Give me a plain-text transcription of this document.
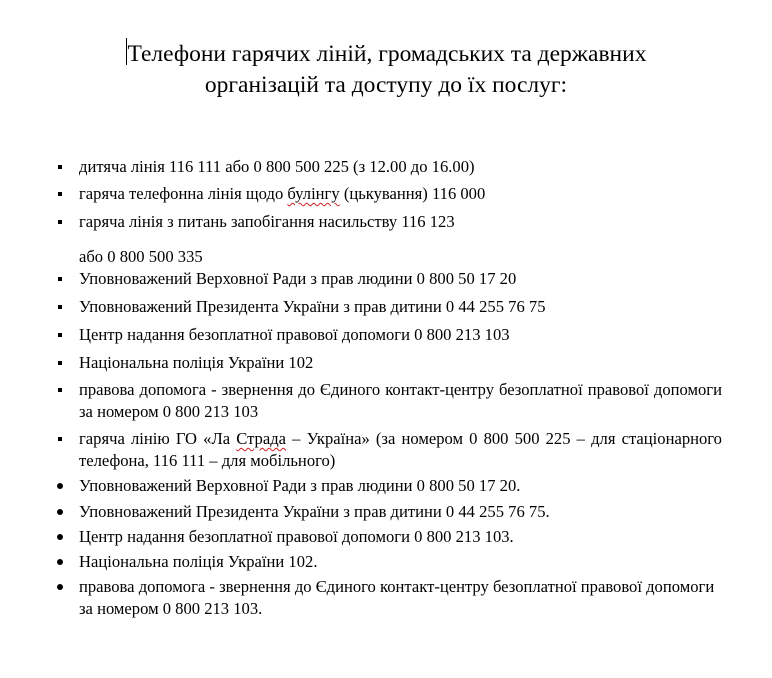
Телефони гарячих ліній, громадських та державних
організацій та доступу до їх послуг:
дитяча лінія 116 111 або 0 800 500 225 (з 12.00 до 16.00)
гаряча телефонна лінія щодо булінгу (цькування) 116 000
гаряча лінія з питань запобігання насильству 116 123
або 0 800 500 335
Уповноважений Верховної Ради з прав людини 0 800 50 17 20
Уповноважений Президента України з прав дитини 0 44 255 76 75
Центр надання безоплатної правової допомоги 0 800 213 103
Національна поліція України 102
правова допомога - звернення до Єдиного контакт-центру безоплатної правової допомоги за номером 0 800 213 103
гаряча лінію ГО «Ла Страда – Україна» (за номером 0 800 500 225 – для стаціонарного телефона, 116 111 – для мобільного)
Уповноважений Верховної Ради з прав людини 0 800 50 17 20.
Уповноважений Президента України з прав дитини 0 44 255 76 75.
Центр надання безоплатної правової допомоги 0 800 213 103.
Національна поліція України 102.
правова допомога - звернення до Єдиного контакт-центру безоплатної правової допомоги за номером 0 800 213 103.
